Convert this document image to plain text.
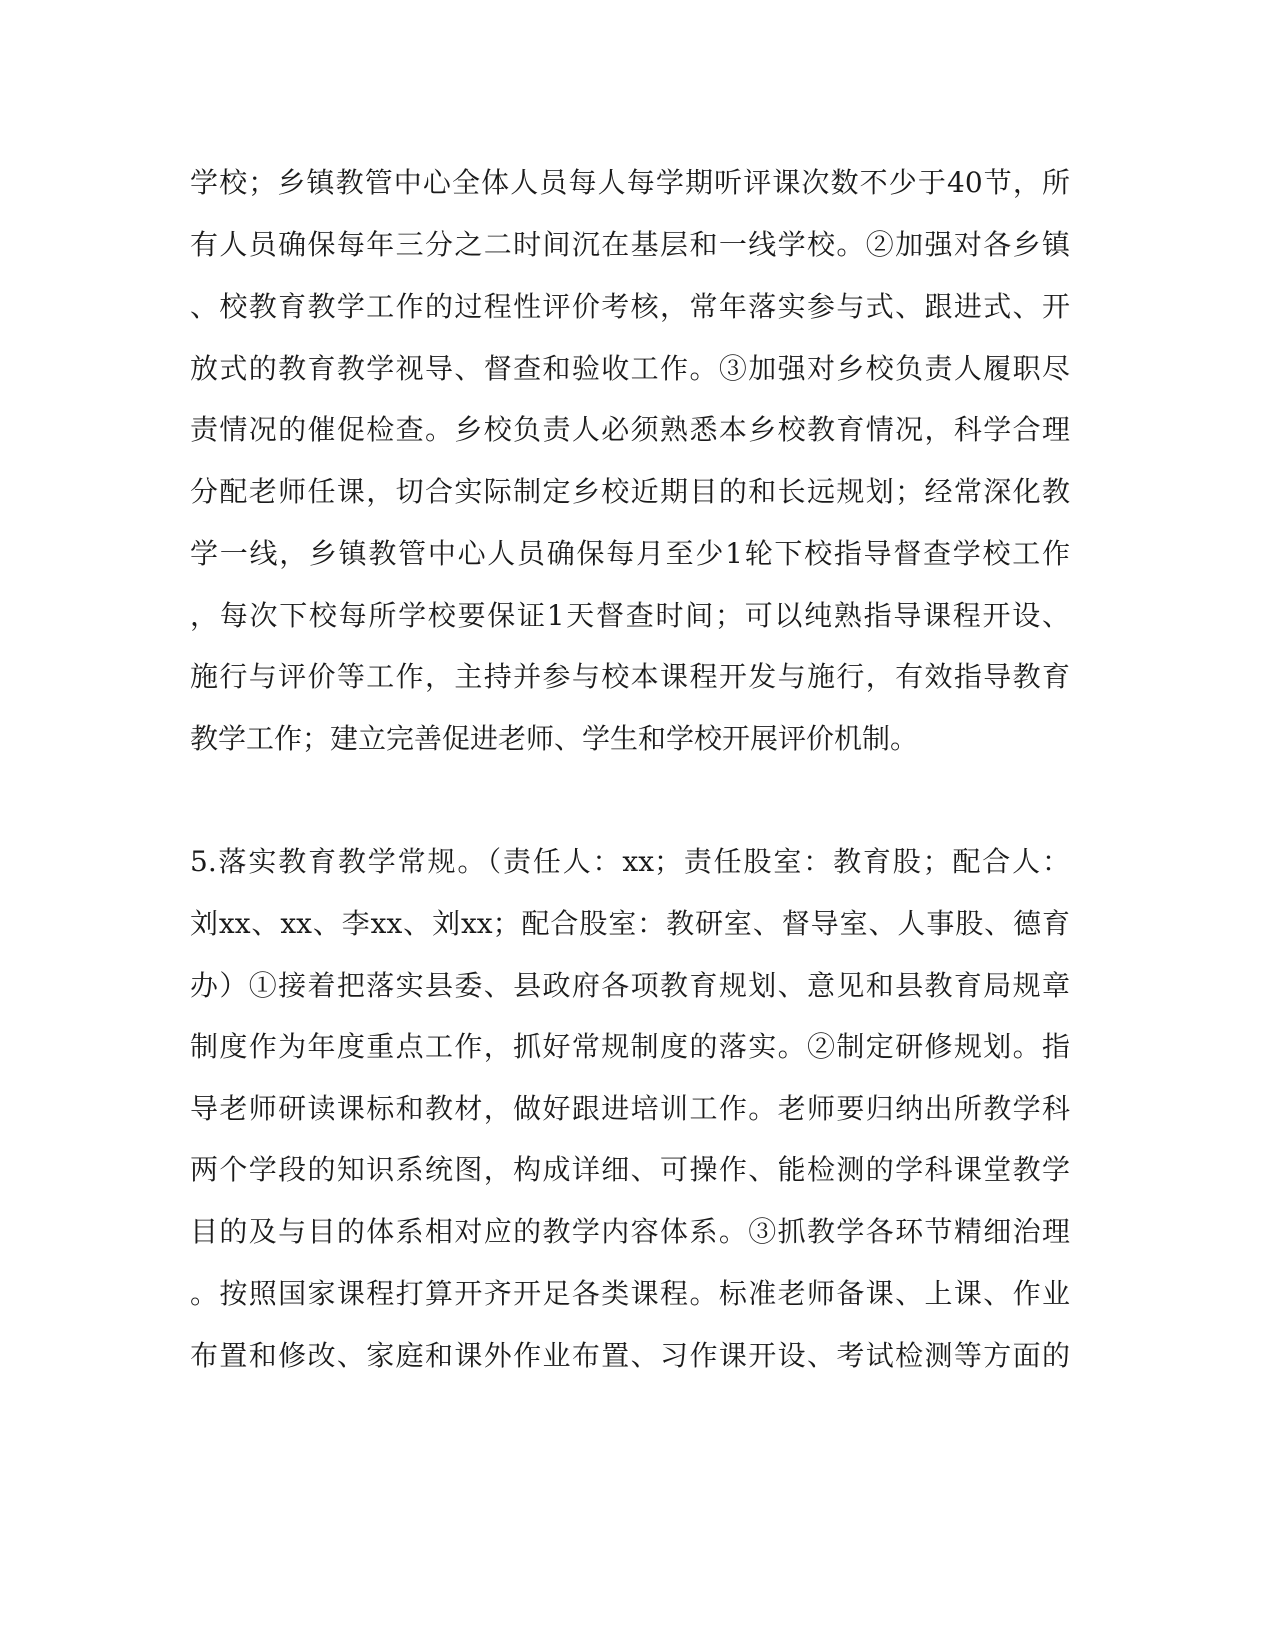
学校；乡镇教管中心全体人员每人每学期听评课次数不少于40节，所

有人员确保每年三分之二时间沉在基层和一线学校。②加强对各乡镇

、校教育教学工作的过程性评价考核，常年落实参与式、跟进式、开

放式的教育教学视导、督查和验收工作。③加强对乡校负责人履职尽

责情况的催促检查。乡校负责人必须熟悉本乡校教育情况，科学合理

分配老师任课，切合实际制定乡校近期目的和长远规划；经常深化教

学一线，乡镇教管中心人员确保每月至少1轮下校指导督查学校工作

，每次下校每所学校要保证1天督查时间；可以纯熟指导课程开设、

施行与评价等工作，主持并参与校本课程开发与施行，有效指导教育

教学工作；建立完善促进老师、学生和学校开展评价机制。

5.落实教育教学常规。（责任人：xx；责任股室：教育股；配合人：

刘xx、xx、李xx、刘xx；配合股室：教研室、督导室、人事股、德育

办）①接着把落实县委、县政府各项教育规划、意见和县教育局规章

制度作为年度重点工作，抓好常规制度的落实。②制定研修规划。指

导老师研读课标和教材，做好跟进培训工作。老师要归纳出所教学科

两个学段的知识系统图，构成详细、可操作、能检测的学科课堂教学

目的及与目的体系相对应的教学内容体系。③抓教学各环节精细治理

。按照国家课程打算开齐开足各类课程。标准老师备课、上课、作业

布置和修改、家庭和课外作业布置、习作课开设、考试检测等方面的
